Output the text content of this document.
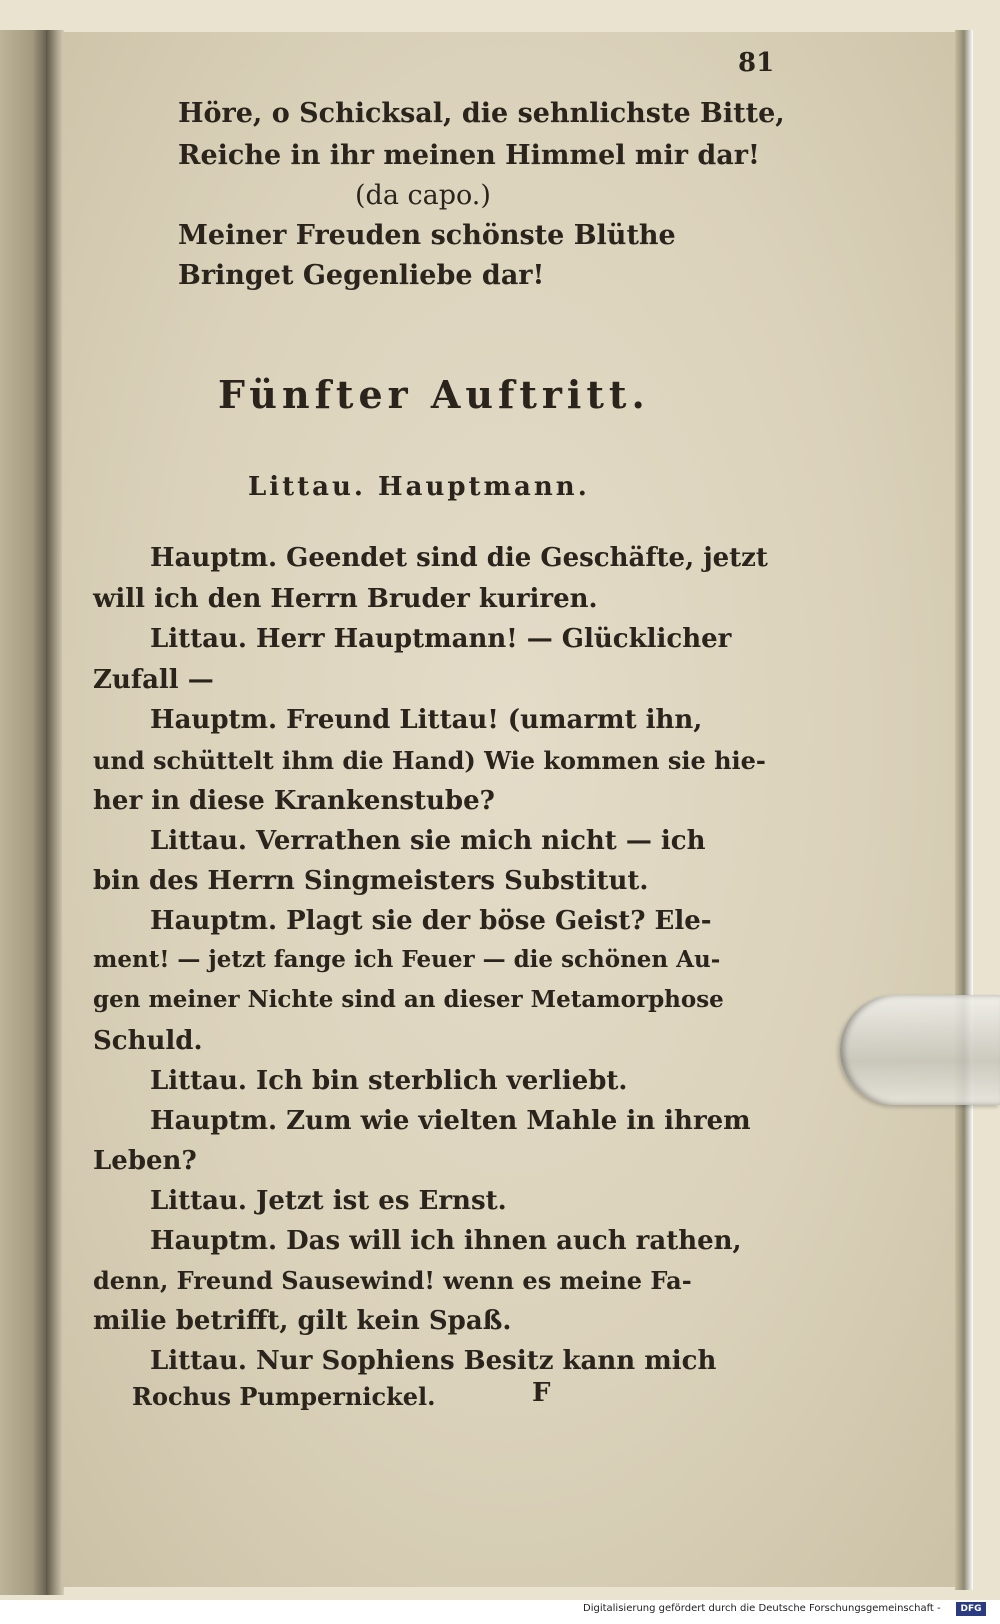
81
Höre, o Schicksal, die sehnlichste Bitte,
Reiche in ihr meinen Himmel mir dar!
(da capo.)
Meiner Freuden schönste Blüthe
Bringet Gegenliebe dar!
Fünfter Auftritt.
Littau. Hauptmann.
Hauptm. Geendet sind die Geschäfte, jetzt
will ich den Herrn Bruder kuriren.
Littau. Herr Hauptmann! — Glücklicher
Zufall —
Hauptm. Freund Littau! (umarmt ihn,
und schüttelt ihm die Hand) Wie kommen sie hie-
her in diese Krankenstube?
Littau. Verrathen sie mich nicht — ich
bin des Herrn Singmeisters Substitut.
Hauptm. Plagt sie der böse Geist? Ele-
ment! — jetzt fange ich Feuer — die schönen Au-
gen meiner Nichte sind an dieser Metamorphose
Schuld.
Littau. Ich bin sterblich verliebt.
Hauptm. Zum wie vielten Mahle in ihrem
Leben?
Littau. Jetzt ist es Ernst.
Hauptm. Das will ich ihnen auch rathen,
denn, Freund Sausewind! wenn es meine Fa-
milie betrifft, gilt kein Spaß.
Littau. Nur Sophiens Besitz kann mich
Rochus Pumpernickel.	F
Digitalisierung gefördert durch die Deutsche Forschungsgemeinschaft -	DFG
